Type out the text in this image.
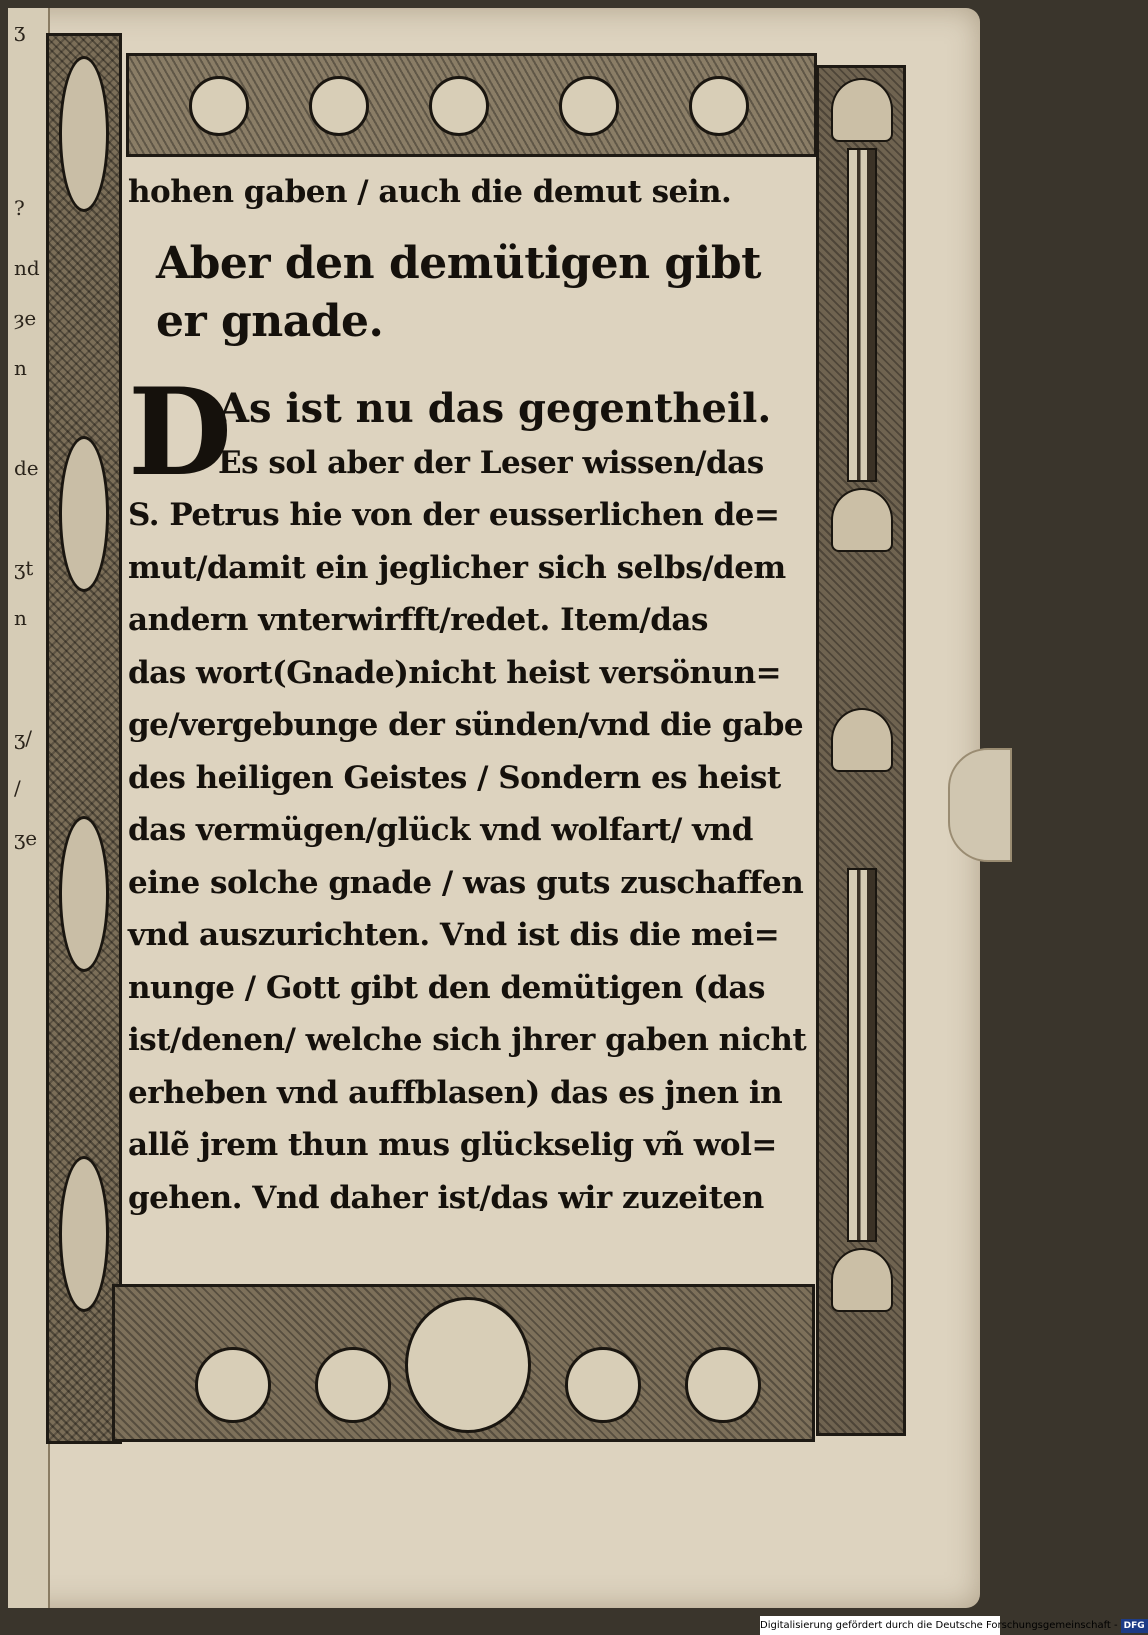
ʒ
?
nd
ȝe
n
de
ʒt
n
ʒ/
/
ʒe
hohen gaben / auch die demut sein.
Aber den demütigen gibt
er gnade.
D
As ist nu das gegentheil.
Es sol aber der Leser wissen/das
S. Petrus hie von der eusserlichen de=
mut/damit ein jeglicher sich selbs/dem
andern vnterwirfft/redet. Item/das
das wort(Gnade)nicht heist versönun=
ge/vergebunge der sünden/vnd die gabe
des heiligen Geistes / Sondern es heist
das vermügen/glück vnd wolfart/ vnd
eine solche gnade / was guts zuschaffen
vnd auszurichten. Vnd ist dis die mei=
nunge / Gott gibt den demütigen (das
ist/denen/ welche sich jhrer gaben nicht
erheben vnd auffblasen) das es jnen in
allẽ jrem thun mus glückselig vñ wol=
gehen. Vnd daher ist/das wir zuzeiten
Digitalisierung gefördert durch die Deutsche Forschungsgemeinschaft - DFG
